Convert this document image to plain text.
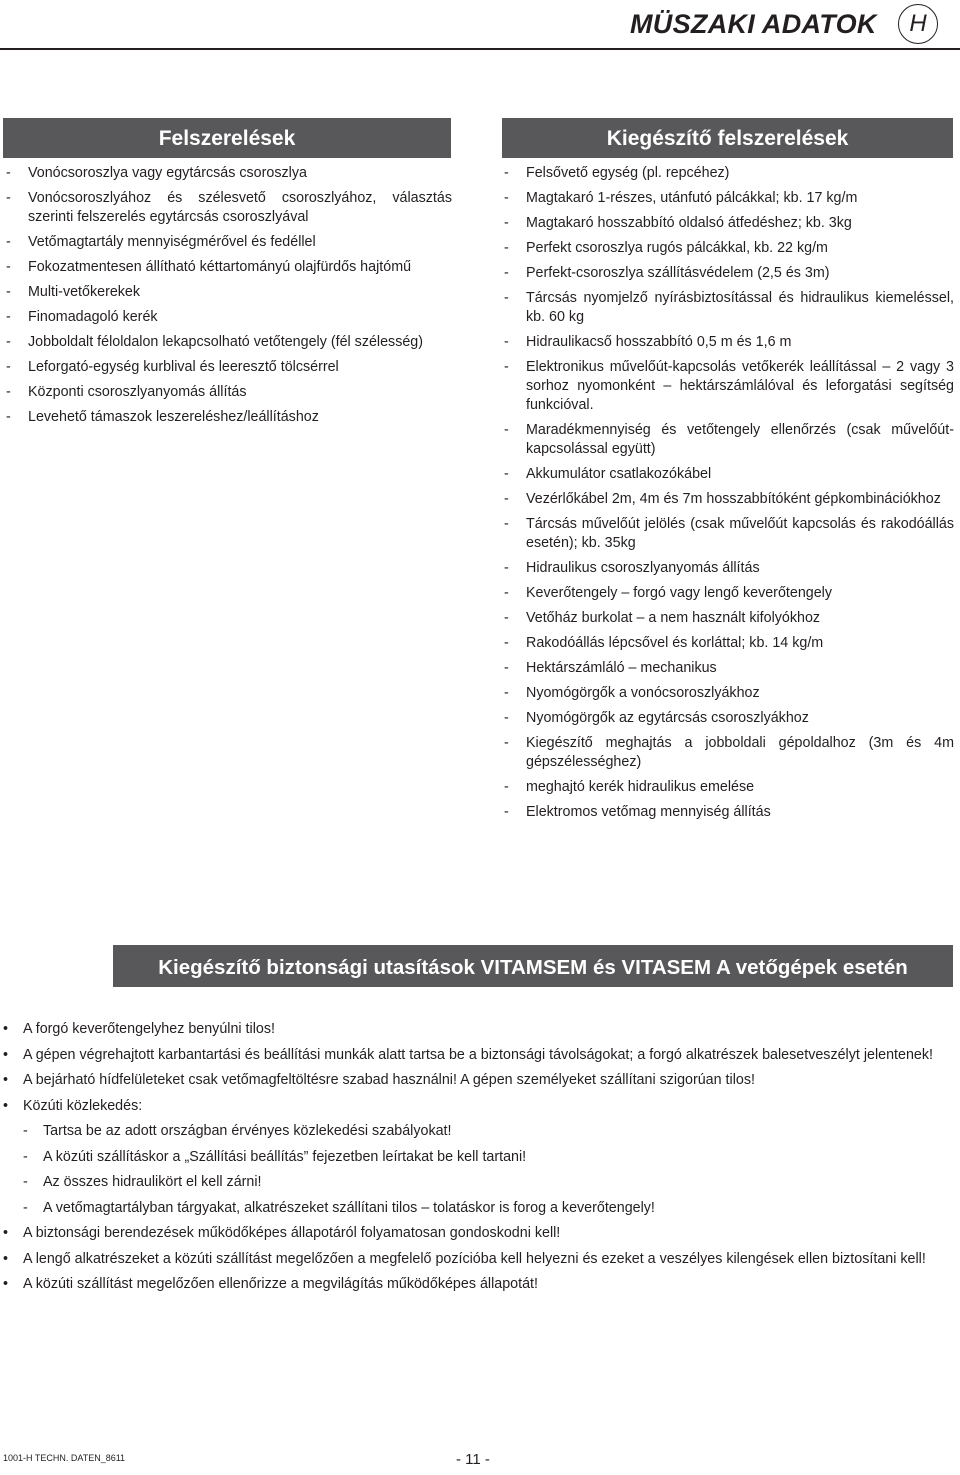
MÜSZAKI ADATOK	H
Felszerelések
- Vonócsoroszlya vagy egytárcsás csoroszlya
- Vonócsoroszlyához és szélesvető csoroszlyához, választás szerinti felszerelés egytárcsás csoroszlyával
- Vetőmagtartály mennyiségmérővel és fedéllel
- Fokozatmentesen állítható kéttartományú olajfürdős hajtómű
- Multi-vetőkerekek
- Finomadagoló kerék
- Jobboldalt féloldalon lekapcsolható vetőtengely (fél szélesség)
- Leforgató-egység kurblival és leeresztő tölcsérrel
- Központi csoroszlyanyomás állítás
- Levehető támaszok leszereléshez/leállításhoz
Kiegészítő felszerelések
- Felsővető egység (pl. repcéhez)
- Magtakaró 1-részes, utánfutó pálcákkal; kb. 17 kg/m
- Magtakaró hosszabbító oldalsó átfedéshez; kb. 3kg
- Perfekt csoroszlya rugós pálcákkal, kb. 22 kg/m
- Perfekt-csoroszlya szállításvédelem (2,5 és 3m)
- Tárcsás nyomjelző nyírásbiztosítással és hidraulikus kiemeléssel, kb. 60 kg
- Hidraulikacső hosszabbító 0,5 m és 1,6 m
- Elektronikus művelőút-kapcsolás vetőkerék leállítással – 2 vagy 3 sorhoz nyomonként – hektárszámlálóval és leforgatási segítség funkcióval.
- Maradékmennyiség és vetőtengely ellenőrzés (csak művelőút-kapcsolással együtt)
- Akkumulátor csatlakozókábel
- Vezérlőkábel 2m, 4m és 7m hosszabbítóként gépkombinációkhoz
- Tárcsás művelőút jelölés (csak művelőút kapcsolás és rakodóállás esetén); kb. 35kg
- Hidraulikus csoroszlyanyomás állítás
- Keverőtengely – forgó vagy lengő keverőtengely
- Vetőház burkolat – a nem használt kifolyókhoz
- Rakodóállás lépcsővel és korláttal; kb. 14 kg/m
- Hektárszámláló – mechanikus
- Nyomógörgők a vonócsoroszlyákhoz
- Nyomógörgők az egytárcsás csoroszlyákhoz
- Kiegészítő meghajtás a jobboldali gépoldalhoz (3m és 4m gépszélességhez)
- meghajtó kerék hidraulikus emelése
- Elektromos vetőmag mennyiség állítás
Kiegészítő biztonsági utasítások VITAMSEM és VITASEM A vetőgépek esetén
• A forgó keverőtengelyhez benyúlni tilos!
• A gépen végrehajtott karbantartási és beállítási munkák alatt tartsa be a biztonsági távolságokat; a forgó alkatrészek balesetveszélyt jelentenek!
• A bejárható hídfelületeket csak vetőmagfeltöltésre szabad használni! A gépen személyeket szállítani szigorúan tilos!
• Közúti közlekedés:
- Tartsa be az adott országban érvényes közlekedési szabályokat!
- A közúti szállításkor a „Szállítási beállítás” fejezetben leírtakat be kell tartani!
- Az összes hidraulikört el kell zárni!
- A vetőmagtartályban tárgyakat, alkatrészeket szállítani tilos – tolatáskor is forog a keverőtengely!
• A biztonsági berendezések működőképes állapotáról folyamatosan gondoskodni kell!
• A lengő alkatrészeket a közúti szállítást megelőzően a megfelelő pozícióba kell helyezni és ezeket a veszélyes kilengések ellen biztosítani kell!
• A közúti szállítást megelőzően ellenőrizze a megvilágítás működőképes állapotát!
1001-H TECHN. DATEN_8611	- 11 -
